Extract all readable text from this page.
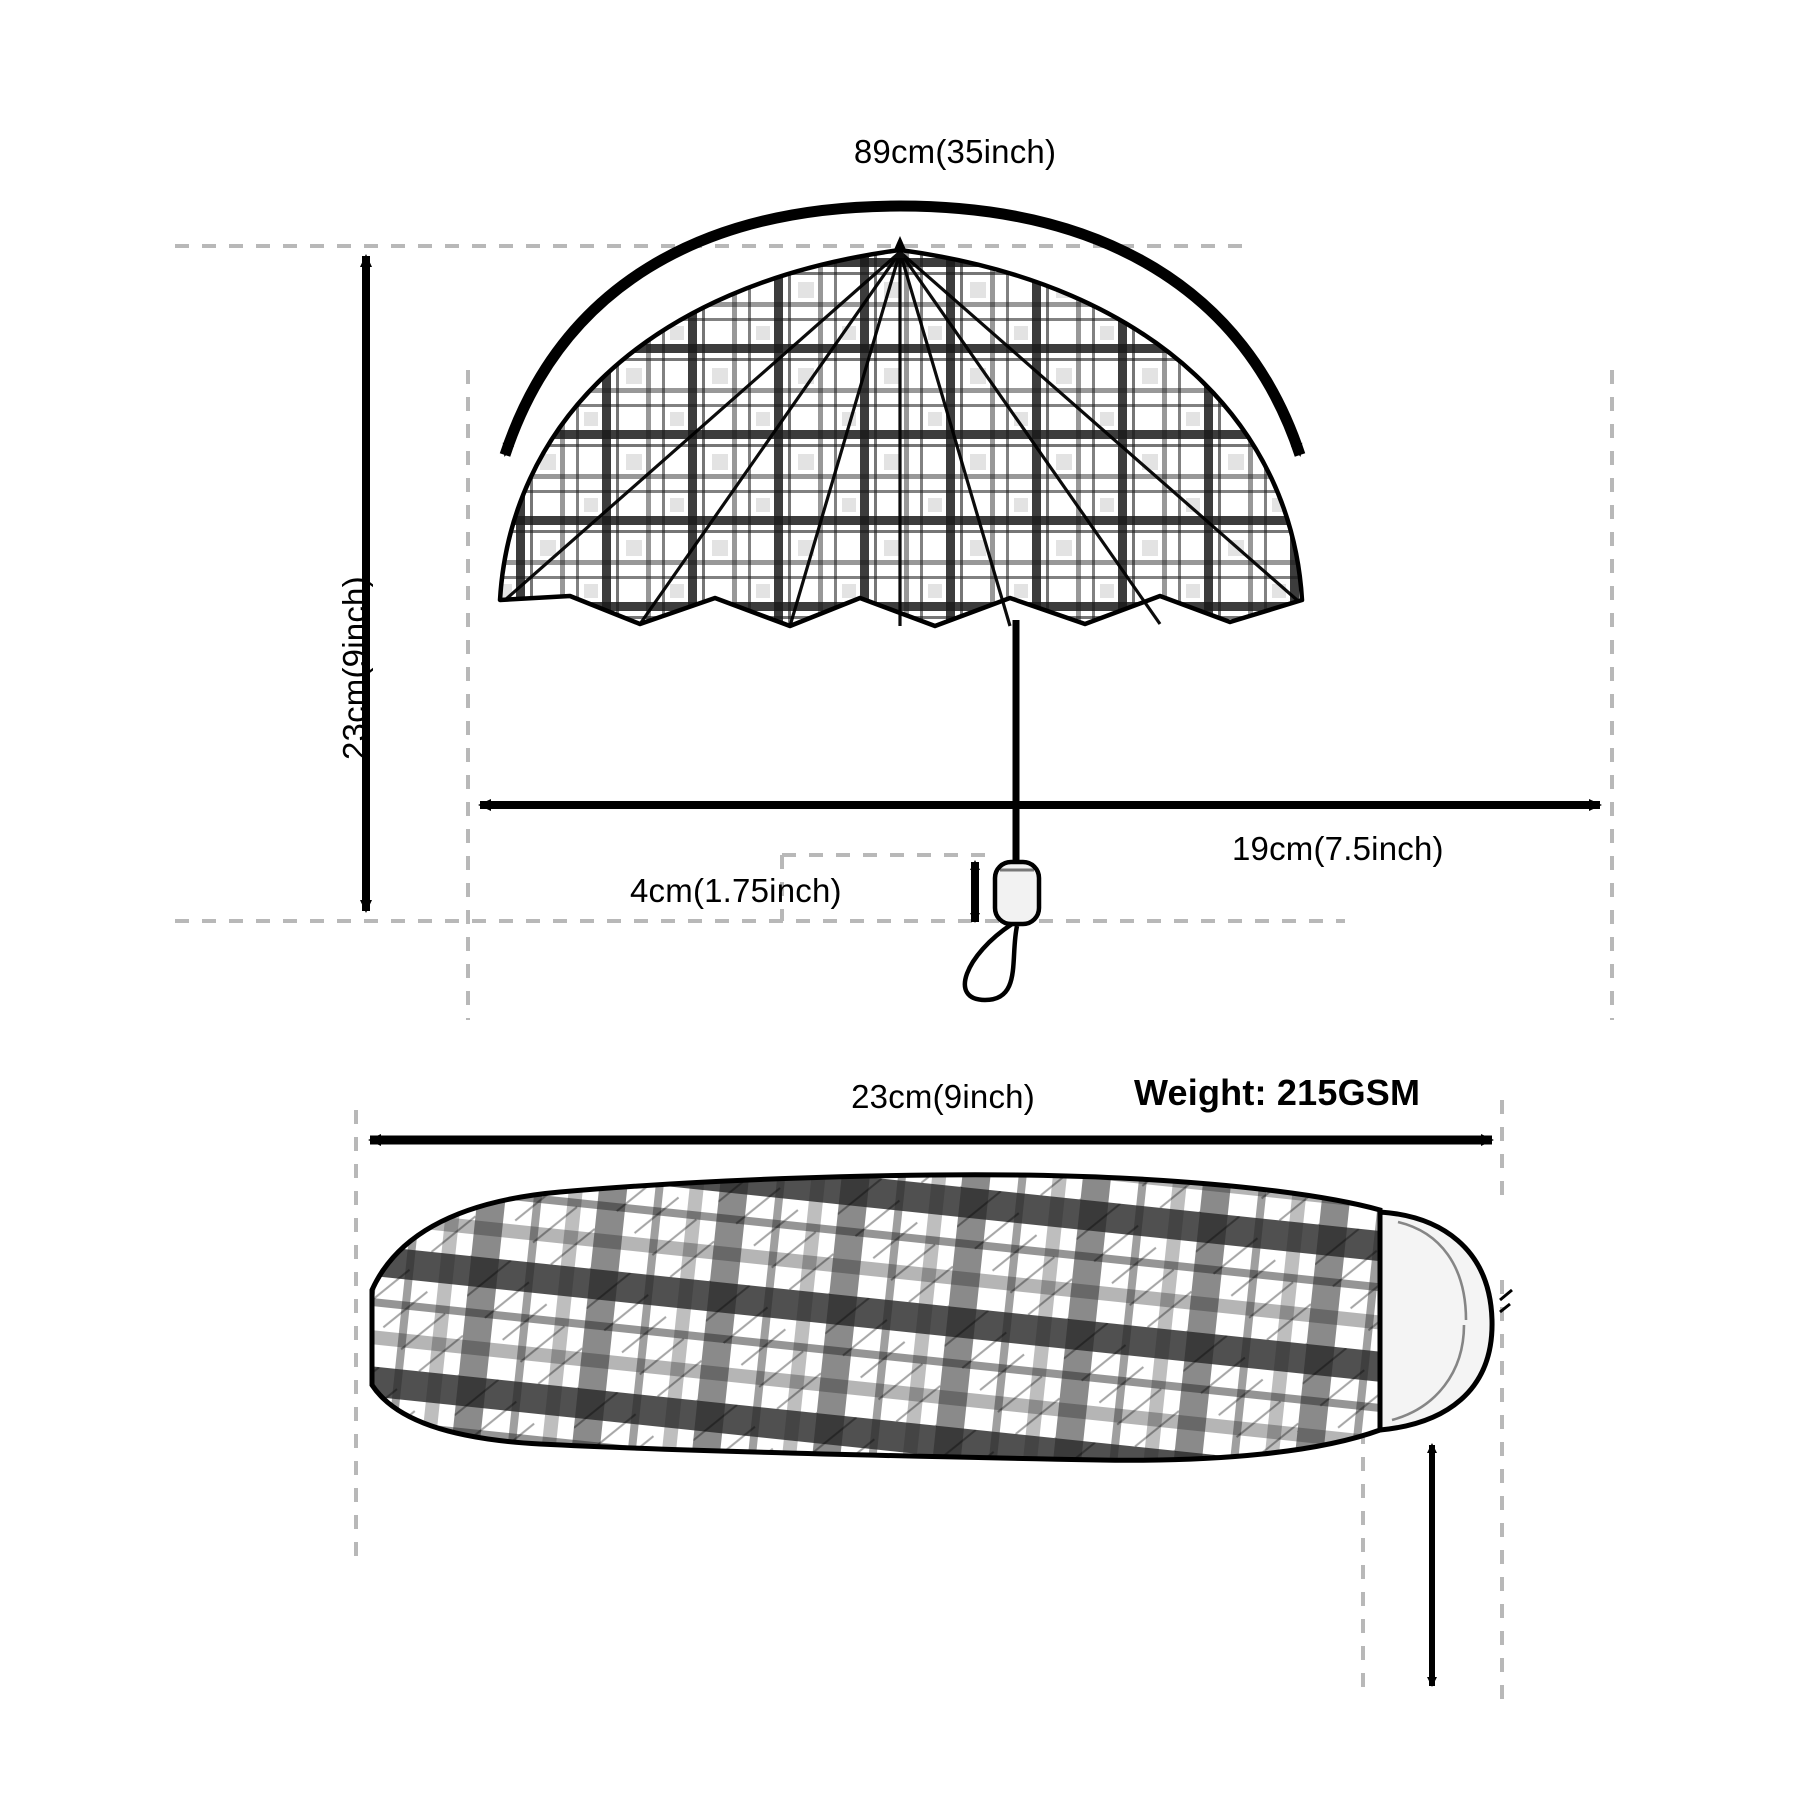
89cm(35inch)
23cm(9inch)
19cm(7.5inch)
4cm(1.75inch)
23cm(9inch)	Weight: 215GSM
